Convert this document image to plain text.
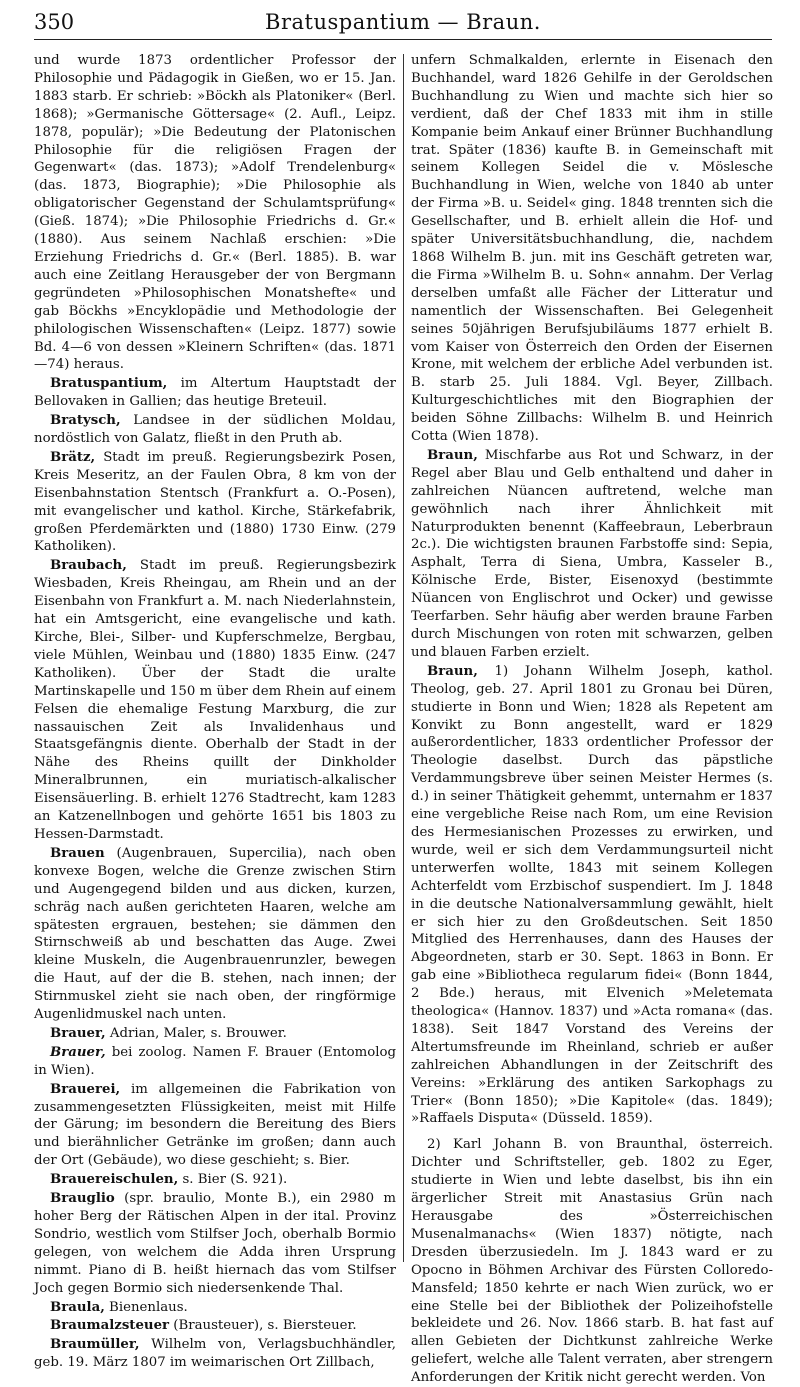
350	Bratuspantium — Braun.

und wurde 1873 ordentlicher Professor der Philosophie und Pädagogik in Gießen, wo er 15. Jan. 1883 starb. Er schrieb: »Böckh als Platoniker« (Berl. 1868); »Germanische Göttersage« (2. Aufl., Leipz. 1878, populär); »Die Bedeutung der Platonischen Philosophie für die religiösen Fragen der Gegenwart« (das. 1873); »Adolf Trendelenburg« (das. 1873, Biographie); »Die Philosophie als obligatorischer Gegenstand der Schulamtsprüfung« (Gieß. 1874); »Die Philosophie Friedrichs d. Gr.« (1880). Aus seinem Nachlaß erschien: »Die Erziehung Friedrichs d. Gr.« (Berl. 1885). B. war auch eine Zeitlang Herausgeber der von Bergmann gegründeten »Philosophischen Monatshefte« und gab Böckhs »Encyklopädie und Methodologie der philologischen Wissenschaften« (Leipz. 1877) sowie Bd. 4—6 von dessen »Kleinern Schriften« (das. 1871—74) heraus.

Bratuspantium, im Altertum Hauptstadt der Bellovaken in Gallien; das heutige Breteuil.

Bratysch, Landsee in der südlichen Moldau, nordöstlich von Galatz, fließt in den Pruth ab.

Brätz, Stadt im preuß. Regierungsbezirk Posen, Kreis Meseritz, an der Faulen Obra, 8 km von der Eisenbahnstation Stentsch (Frankfurt a. O.-Posen), mit evangelischer und kathol. Kirche, Stärkefabrik, großen Pferdemärkten und (1880) 1730 Einw. (279 Katholiken).

Braubach, Stadt im preuß. Regierungsbezirk Wiesbaden, Kreis Rheingau, am Rhein und an der Eisenbahn von Frankfurt a. M. nach Niederlahnstein, hat ein Amtsgericht, eine evangelische und kath. Kirche, Blei-, Silber- und Kupferschmelze, Bergbau, viele Mühlen, Weinbau und (1880) 1835 Einw. (247 Katholiken). Über der Stadt die uralte Martinskapelle und 150 m über dem Rhein auf einem Felsen die ehemalige Festung Marxburg, die zur nassauischen Zeit als Invalidenhaus und Staatsgefängnis diente. Oberhalb der Stadt in der Nähe des Rheins quillt der Dinkholder Mineralbrunnen, ein muriatisch-alkalischer Eisensäuerling. B. erhielt 1276 Stadtrecht, kam 1283 an Katzenellnbogen und gehörte 1651 bis 1803 zu Hessen-Darmstadt.

Brauen (Augenbrauen, Supercilia), nach oben konvexe Bogen, welche die Grenze zwischen Stirn und Augengegend bilden und aus dicken, kurzen, schräg nach außen gerichteten Haaren, welche am spätesten ergrauen, bestehen; sie dämmen den Stirnschweiß ab und beschatten das Auge. Zwei kleine Muskeln, die Augenbrauenrunzler, bewegen die Haut, auf der die B. stehen, nach innen; der Stirnmuskel zieht sie nach oben, der ringförmige Augenlidmuskel nach unten.

Brauer, Adrian, Maler, s. Brouwer.

Brauer, bei zoolog. Namen F. Brauer (Entomolog in Wien).

Brauerei, im allgemeinen die Fabrikation von zusammengesetzten Flüssigkeiten, meist mit Hilfe der Gärung; im besondern die Bereitung des Biers und bierähnlicher Getränke im großen; dann auch der Ort (Gebäude), wo diese geschieht; s. Bier.

Brauereischulen, s. Bier (S. 921).

Brauglio (spr. braulio, Monte B.), ein 2980 m hoher Berg der Rätischen Alpen in der ital. Provinz Sondrio, westlich vom Stilfser Joch, oberhalb Bormio gelegen, von welchem die Adda ihren Ursprung nimmt. Piano di B. heißt hiernach das vom Stilfser Joch gegen Bormio sich niedersenkende Thal.

Braula, Bienenlaus.

Braumalzsteuer (Brausteuer), s. Biersteuer.

Braumüller, Wilhelm von, Verlagsbuchhändler, geb. 19. März 1807 im weimarischen Ort Zillbach,

unfern Schmalkalden, erlernte in Eisenach den Buchhandel, ward 1826 Gehilfe in der Geroldschen Buchhandlung zu Wien und machte sich hier so verdient, daß der Chef 1833 mit ihm in stille Kompanie beim Ankauf einer Brünner Buchhandlung trat. Später (1836) kaufte B. in Gemeinschaft mit seinem Kollegen Seidel die v. Möslesche Buchhandlung in Wien, welche von 1840 ab unter der Firma »B. u. Seidel« ging. 1848 trennten sich die Gesellschafter, und B. erhielt allein die Hof- und später Universitätsbuchhandlung, die, nachdem 1868 Wilhelm B. jun. mit ins Geschäft getreten war, die Firma »Wilhelm B. u. Sohn« annahm. Der Verlag derselben umfaßt alle Fächer der Litteratur und namentlich der Wissenschaften. Bei Gelegenheit seines 50jährigen Berufsjubiläums 1877 erhielt B. vom Kaiser von Österreich den Orden der Eisernen Krone, mit welchem der erbliche Adel verbunden ist. B. starb 25. Juli 1884. Vgl. Beyer, Zillbach. Kulturgeschichtliches mit den Biographien der beiden Söhne Zillbachs: Wilhelm B. und Heinrich Cotta (Wien 1878).

Braun, Mischfarbe aus Rot und Schwarz, in der Regel aber Blau und Gelb enthaltend und daher in zahlreichen Nüancen auftretend, welche man gewöhnlich nach ihrer Ähnlichkeit mit Naturprodukten benennt (Kaffeebraun, Leberbraun 2c.). Die wichtigsten braunen Farbstoffe sind: Sepia, Asphalt, Terra di Siena, Umbra, Kasseler B., Kölnische Erde, Bister, Eisenoxyd (bestimmte Nüancen von Englischrot und Ocker) und gewisse Teerfarben. Sehr häufig aber werden braune Farben durch Mischungen von roten mit schwarzen, gelben und blauen Farben erzielt.

Braun, 1) Johann Wilhelm Joseph, kathol. Theolog, geb. 27. April 1801 zu Gronau bei Düren, studierte in Bonn und Wien; 1828 als Repetent am Konvikt zu Bonn angestellt, ward er 1829 außerordentlicher, 1833 ordentlicher Professor der Theologie daselbst. Durch das päpstliche Verdammungsbreve über seinen Meister Hermes (s. d.) in seiner Thätigkeit gehemmt, unternahm er 1837 eine vergebliche Reise nach Rom, um eine Revision des Hermesianischen Prozesses zu erwirken, und wurde, weil er sich dem Verdammungsurteil nicht unterwerfen wollte, 1843 mit seinem Kollegen Achterfeldt vom Erzbischof suspendiert. Im J. 1848 in die deutsche Nationalversammlung gewählt, hielt er sich hier zu den Großdeutschen. Seit 1850 Mitglied des Herrenhauses, dann des Hauses der Abgeordneten, starb er 30. Sept. 1863 in Bonn. Er gab eine »Bibliotheca regularum fidei« (Bonn 1844, 2 Bde.) heraus, mit Elvenich »Meletemata theologica« (Hannov. 1837) und »Acta romana« (das. 1838). Seit 1847 Vorstand des Vereins der Altertumsfreunde im Rheinland, schrieb er außer zahlreichen Abhandlungen in der Zeitschrift des Vereins: »Erklärung des antiken Sarkophags zu Trier« (Bonn 1850); »Die Kapitole« (das. 1849); »Raffaels Disputa« (Düsseld. 1859).

2) Karl Johann B. von Braunthal, österreich. Dichter und Schriftsteller, geb. 1802 zu Eger, studierte in Wien und lebte daselbst, bis ihn ein ärgerlicher Streit mit Anastasius Grün nach Herausgabe des »Österreichischen Musenalmanachs« (Wien 1837) nötigte, nach Dresden überzusiedeln. Im J. 1843 ward er zu Opocno in Böhmen Archivar des Fürsten Colloredo-Mansfeld; 1850 kehrte er nach Wien zurück, wo er eine Stelle bei der Bibliothek der Polizeihofstelle bekleidete und 26. Nov. 1866 starb. B. hat fast auf allen Gebieten der Dichtkunst zahlreiche Werke geliefert, welche alle Talent verraten, aber strengern Anforderungen der Kritik nicht gerecht werden. Von
